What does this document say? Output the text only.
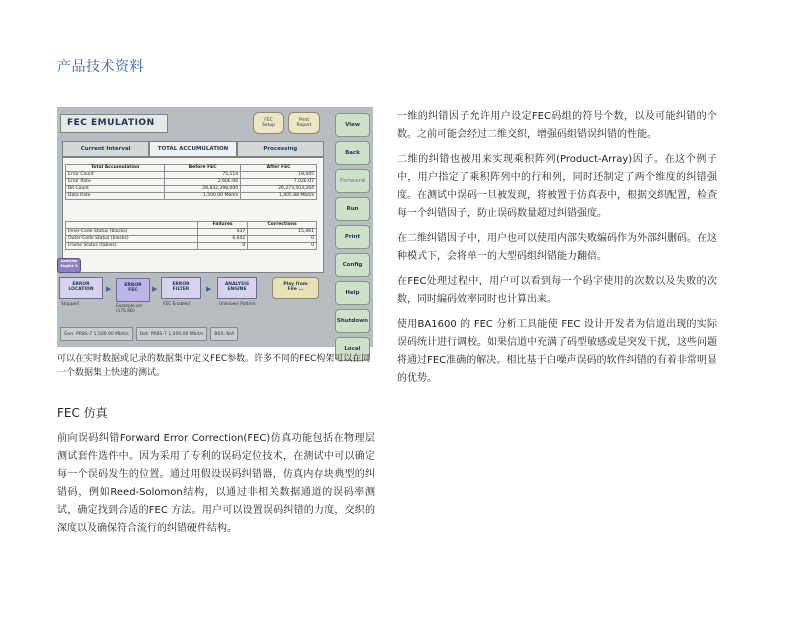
产品技术资料
FEC EMULATION	FEC
Setup
Print
Report	View
Back
Forward
Run
Print
Config
Help
Shutdown
Local
Current Interval	TOTAL ACCUMULATION	Processing
Total Accumulation	Before FEC	After FEC
Error Count	75,114	18,445
Error Rate	2.60E-06	7.02E-07
Bit Count	28,832,398,000	26,273,503,264
Data Rate	1,500.00 Mbit/s	1,405.88 Mbit/s
	Failures	Corrections
Inner-Code Status (blocks)	437	15,461
Outer-Code Status (blocks)	6,642	0
Frame Status (tables)	0	0
Analysis
Engine 3
ERROR
LOCATION	▶	ERROR
FEC	▶
ERROR
FILTER	▶
ANALYSIS
ENGINE
Play from
File ...
Stopped	Example.ser
(175 KB)
FEC Enabled	Unknown Pattern
Gen: PRBS-7 1,500.00 Mbit/s	Det: PRBS-7 1,500.00 Mbit/s	BER: N/A

可以在实时数据或记录的数据集中定义FEC参数。许多不同的FEC构架可以在同一个数据集上快速的测试。

FEC 仿真

前向误码纠错Forward Error Correction(FEC)仿真功能包括在物理层测试套件选件中。因为采用了专利的误码定位技术，在测试中可以确定每一个误码发生的位置。通过用假设误码纠错器，仿真内存块典型的纠错码，例如Reed-Solomon结构，以通过非相关数据通道的误码率测试，确定找到合适的FEC 方法。用户可以设置误码纠错的力度，交织的深度以及确保符合流行的纠错硬件结构。

一维的纠错因子允许用户设定FEC码组的符号个数，以及可能纠错的个数。之前可能会经过二维交织，增强码组错误纠错的性能。

二维的纠错也被用来实现乘积阵列(Product-Array)因子。在这个例子中，用户指定了乘积阵列中的行和列，同时还制定了两个维度的纠错强度。在测试中误码一旦被发现，将被置于仿真表中，根据交织配置，检查每一个纠错因子，防止误码数量超过纠错强度。

在二维纠错因子中，用户也可以使用内部失败编码作为外部纠删码。在这种模式下，会将单一的大型码组纠错能力翻倍。

在FEC处理过程中，用户可以看到每一个码字使用的次数以及失败的次数，同时编码效率同时也计算出来。

使用BA1600 的 FEC 分析工具能使 FEC 设计开发者为信道出现的实际误码统计进行调校。如果信道中充满了码型敏感或是突发干扰，这些问题将通过FEC准确的解决。相比基于白噪声误码的软件纠错的有着非常明显的优势。
